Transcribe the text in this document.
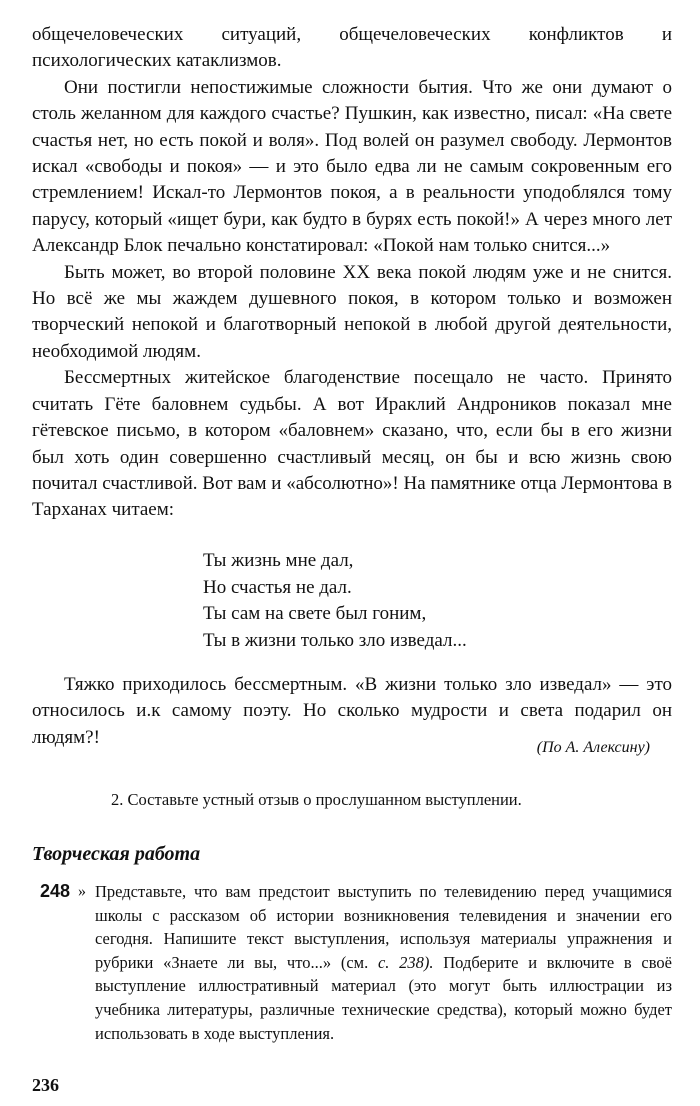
общечеловеческих ситуаций, общечеловеческих конфликтов и психологических катаклизмов.

Они постигли непостижимые сложности бытия. Что же они думают о столь желанном для каждого счастье? Пушкин, как известно, писал: «На свете счастья нет, но есть покой и воля». Под волей он разумел свободу. Лермонтов искал «свободы и покоя» — и это было едва ли не самым сокровенным его стремлением! Искал-то Лермонтов покоя, а в реальности уподоблялся тому парусу, который «ищет бури, как будто в бурях есть покой!» А через много лет Александр Блок печально констатировал: «Покой нам только снится...»

Быть может, во второй половине XX века покой людям уже и не снится. Но всё же мы жаждем душевного покоя, в котором только и возможен творческий непокой и благотворный непокой в любой другой деятельности, необходимой людям.

Бессмертных житейское благоденствие посещало не часто. Принято считать Гёте баловнем судьбы. А вот Ираклий Андроников показал мне гётевское письмо, в котором «баловнем» сказано, что, если бы в его жизни был хоть один совершенно счастливый месяц, он бы и всю жизнь свою почитал счастливой. Вот вам и «абсолютно»! На памятнике отца Лермонтова в Тарханах читаем:

Ты жизнь мне дал,
Но счастья не дал.
Ты сам на свете был гоним,
Ты в жизни только зло изведал...

Тяжко приходилось бессмертным. «В жизни только зло изведал» — это относилось и.к самому поэту. Но сколько мудрости и света подарил он людям?!	(По А. Алексину)
2. Составьте устный отзыв о прослушанном выступлении.
Творческая работа
248 » Представьте, что вам предстоит выступить по телевидению перед учащимися школы с рассказом об истории возникновения телевидения и значении его сегодня. Напишите текст выступления, используя материалы упражнения и рубрики «Знаете ли вы, что...» (см. с. 238). Подберите и включите в своё выступление иллюстративный материал (это могут быть иллюстрации из учебника литературы, различные технические средства), который можно будет использовать в ходе выступления.
236
